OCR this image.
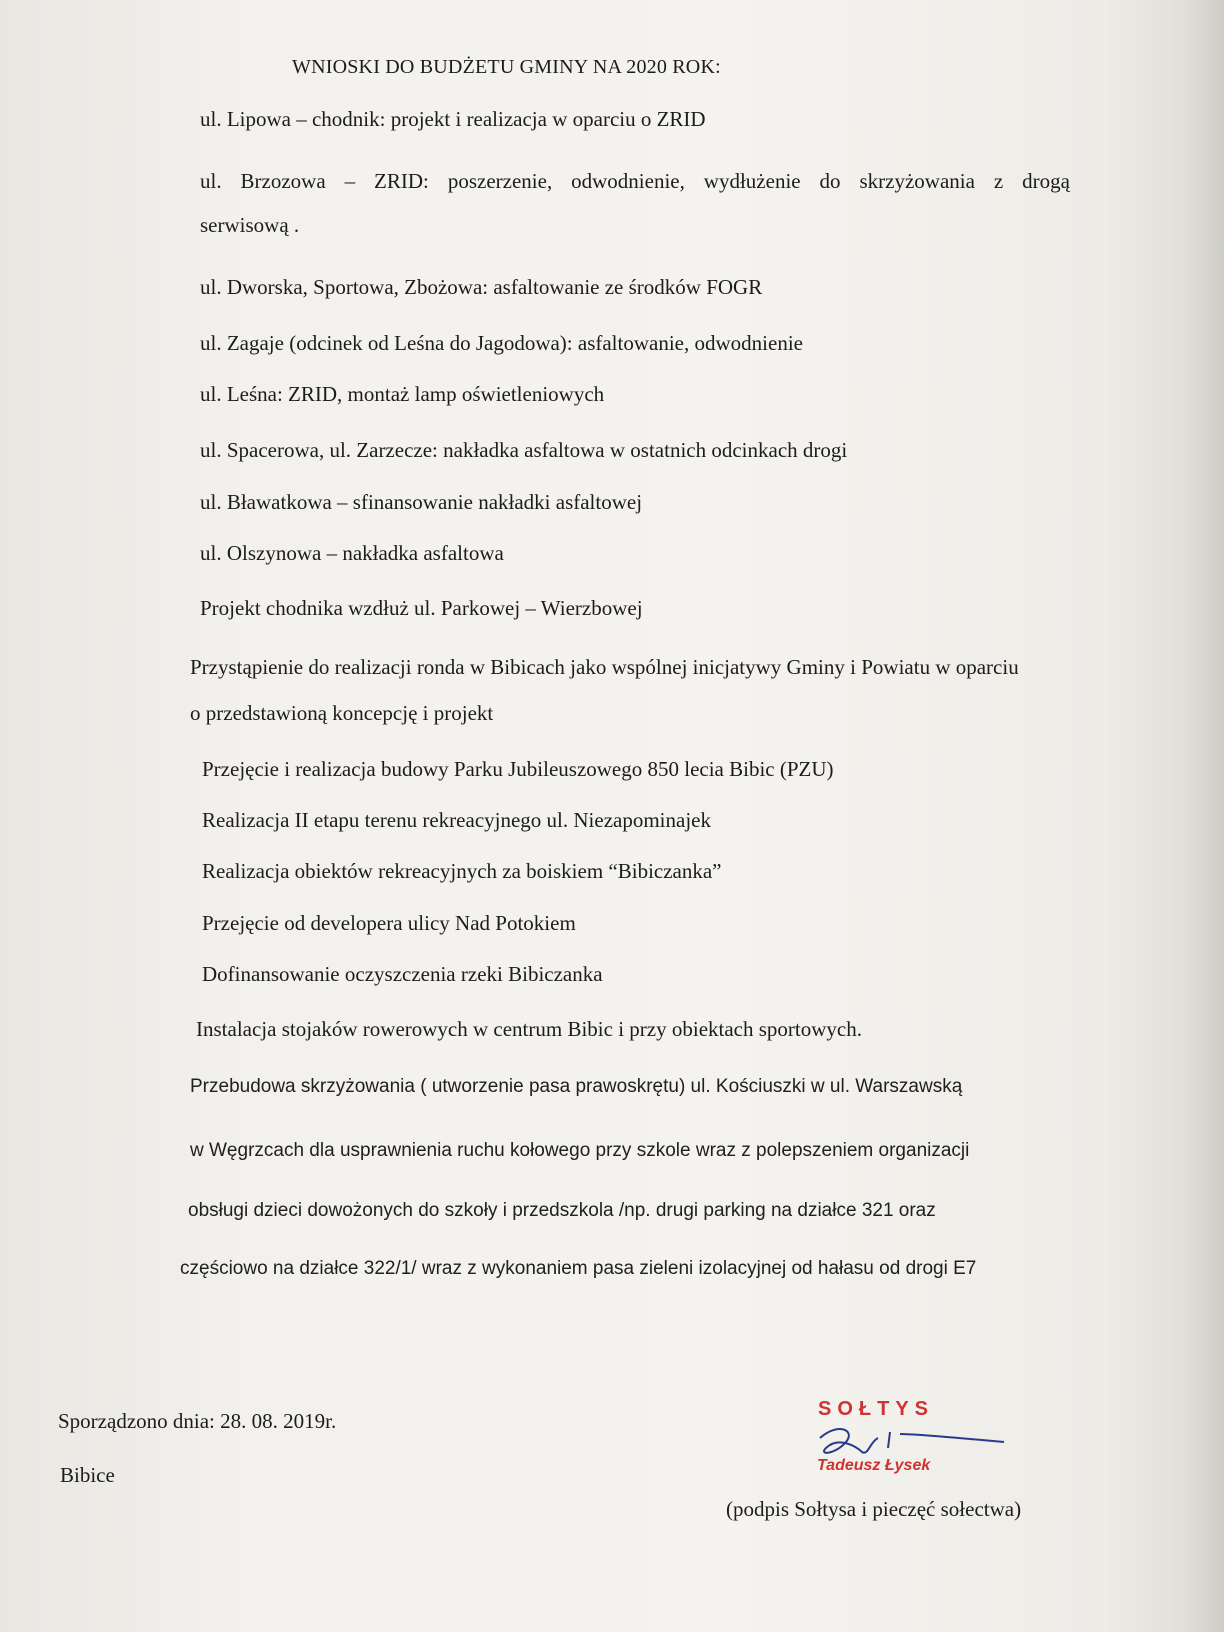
WNIOSKI DO BUDŻETU GMINY NA 2020 ROK:
ul. Lipowa – chodnik: projekt i realizacja w oparciu o ZRID
ul. Brzozowa – ZRID: poszerzenie, odwodnienie, wydłużenie do skrzyżowania z drogą
serwisową .
ul. Dworska, Sportowa, Zbożowa: asfaltowanie ze środków FOGR
ul. Zagaje (odcinek od Leśna do Jagodowa): asfaltowanie, odwodnienie
ul. Leśna: ZRID, montaż lamp oświetleniowych
ul. Spacerowa, ul. Zarzecze: nakładka asfaltowa w ostatnich odcinkach drogi
ul. Bławatkowa – sfinansowanie nakładki asfaltowej
ul. Olszynowa – nakładka asfaltowa
Projekt chodnika wzdłuż ul. Parkowej – Wierzbowej
Przystąpienie do realizacji ronda w Bibicach jako wspólnej inicjatywy Gminy i Powiatu w oparciu
o przedstawioną koncepcję i projekt
Przejęcie i realizacja budowy Parku Jubileuszowego 850 lecia Bibic (PZU)
Realizacja II etapu terenu rekreacyjnego ul. Niezapominajek
Realizacja obiektów rekreacyjnych za boiskiem “Bibiczanka”
Przejęcie od developera ulicy Nad Potokiem
Dofinansowanie oczyszczenia rzeki Bibiczanka
Instalacja stojaków rowerowych w centrum Bibic i przy obiektach sportowych.
Przebudowa skrzyżowania ( utworzenie pasa prawoskrętu) ul. Kościuszki w ul. Warszawską
w Węgrzcach dla usprawnienia ruchu kołowego przy szkole wraz z polepszeniem organizacji
obsługi dzieci dowożonych do szkoły i przedszkola /np. drugi parking na działce 321 oraz
częściowo na działce 322/1/ wraz z wykonaniem pasa zieleni izolacyjnej od hałasu od drogi E7
Sporządzono dnia: 28. 08. 2019r.
Bibice
SOŁTYS
Tadeusz Łysek
(podpis Sołtysa i pieczęć sołectwa)
